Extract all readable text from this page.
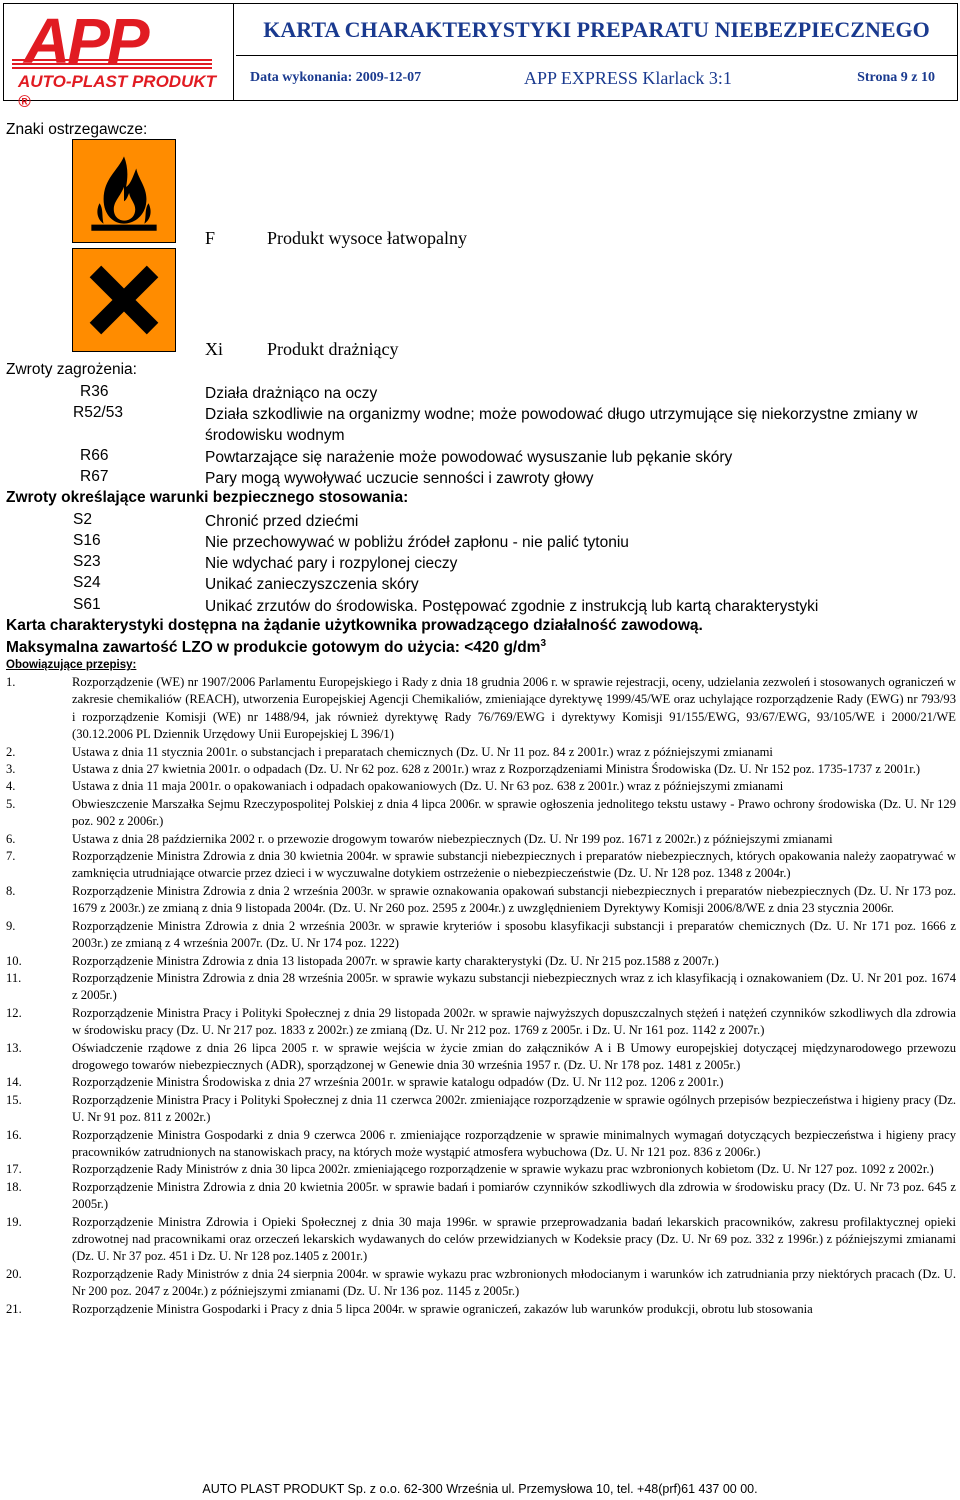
APP
AUTO-PLAST PRODUKT ®
KARTA CHARAKTERYSTYKI PREPARATU NIEBEZPIECZNEGO
Data wykonania: 2009-12-07	APP EXPRESS Klarlack 3:1	Strona 9 z 10
Znaki ostrzegawcze:
F	Produkt wysoce łatwopalny
Xi Produkt drażniący
Zwroty zagrożenia:
R36	Działa drażniąco na oczy
R52/53	Działa szkodliwie na organizmy wodne; może powodować długo utrzymujące się niekorzystne zmiany w środowisku wodnym
R66	Powtarzające się narażenie może powodować wysuszanie lub pękanie skóry
R67	Pary mogą wywoływać uczucie senności i zawroty głowy
Zwroty określające warunki bezpiecznego stosowania:
S2	Chronić przed dziećmi
S16	Nie przechowywać w pobliżu źródeł zapłonu - nie palić tytoniu
S23	Nie wdychać pary i rozpylonej cieczy
S24	Unikać zanieczyszczenia skóry
S61	Unikać zrzutów do środowiska. Postępować zgodnie z instrukcją lub kartą charakterystyki
Karta charakterystyki dostępna na żądanie użytkownika prowadzącego działalność zawodową.
Maksymalna zawartość LZO w produkcie gotowym do użycia: <420 $g/dm^3$
Obowiązujące przepisy:
1.	Rozporządzenie (WE) nr 1907/2006 Parlamentu Europejskiego i Rady z dnia 18 grudnia 2006 r. w sprawie rejestracji, oceny, udzielania zezwoleń i stosowanych ograniczeń w zakresie chemikaliów (REACH), utworzenia Europejskiej Agencji Chemikaliów, zmieniające dyrektywę 1999/45/WE oraz uchylające rozporządzenie Rady (EWG) nr 793/93 i rozporządzenie Komisji (WE) nr 1488/94, jak również dyrektywę Rady 76/769/EWG i dyrektywy Komisji 91/155/EWG, 93/67/EWG, 93/105/WE i 2000/21/WE (30.12.2006 PL Dziennik Urzędowy Unii Europejskiej L 396/1)
2.	Ustawa z dnia 11 stycznia 2001r. o substancjach i preparatach chemicznych (Dz. U. Nr 11 poz. 84 z 2001r.) wraz z późniejszymi zmianami
3.	Ustawa z dnia 27 kwietnia 2001r. o odpadach (Dz. U. Nr 62 poz. 628 z 2001r.) wraz z Rozporządzeniami Ministra Środowiska (Dz. U. Nr 152 poz. 1735-1737 z 2001r.)
4.	Ustawa z dnia 11 maja 2001r. o opakowaniach i odpadach opakowaniowych (Dz. U. Nr 63 poz. 638 z 2001r.) wraz z późniejszymi zmianami
5.	Obwieszczenie Marszałka Sejmu Rzeczypospolitej Polskiej z dnia 4 lipca 2006r. w sprawie ogłoszenia jednolitego tekstu ustawy - Prawo ochrony środowiska (Dz. U. Nr 129 poz. 902 z 2006r.)
6.	Ustawa z dnia 28 października 2002 r. o przewozie drogowym towarów niebezpiecznych (Dz. U. Nr 199 poz. 1671 z 2002r.) z późniejszymi zmianami
7.	Rozporządzenie Ministra Zdrowia z dnia 30 kwietnia 2004r. w sprawie substancji niebezpiecznych i preparatów niebezpiecznych, których opakowania należy zaopatrywać w zamknięcia utrudniające otwarcie przez dzieci i w wyczuwalne dotykiem ostrzeżenie o niebezpieczeństwie (Dz. U. Nr 128 poz. 1348 z 2004r.)
8.	Rozporządzenie Ministra Zdrowia z dnia 2 września 2003r. w sprawie oznakowania opakowań substancji niebezpiecznych i preparatów niebezpiecznych (Dz. U. Nr 173 poz. 1679 z 2003r.) ze zmianą z dnia 9 listopada 2004r. (Dz. U. Nr 260 poz. 2595 z 2004r.) z uwzględnieniem Dyrektywy Komisji 2006/8/WE z dnia 23 stycznia 2006r.
9.	Rozporządzenie Ministra Zdrowia z dnia 2 września 2003r. w sprawie kryteriów i sposobu klasyfikacji substancji i preparatów chemicznych (Dz. U. Nr 171 poz. 1666 z 2003r.) ze zmianą z 4 września 2007r. (Dz. U. Nr 174 poz. 1222)
10.	Rozporządzenie Ministra Zdrowia z dnia 13 listopada 2007r. w sprawie karty charakterystyki (Dz. U. Nr 215 poz.1588 z 2007r.)
11.	Rozporządzenie Ministra Zdrowia z dnia 28 września 2005r. w sprawie wykazu substancji niebezpiecznych wraz z ich klasyfikacją i oznakowaniem (Dz. U. Nr 201 poz. 1674 z 2005r.)
12.	Rozporządzenie Ministra Pracy i Polityki Społecznej z dnia 29 listopada 2002r. w sprawie najwyższych dopuszczalnych stężeń i natężeń czynników szkodliwych dla zdrowia w środowisku pracy (Dz. U. Nr 217 poz. 1833 z 2002r.) ze zmianą (Dz. U. Nr 212 poz. 1769 z 2005r. i Dz. U. Nr 161 poz. 1142 z 2007r.)
13.	Oświadczenie rządowe z dnia 26 lipca 2005 r. w sprawie wejścia w życie zmian do załączników A i B Umowy europejskiej dotyczącej międzynarodowego przewozu drogowego towarów niebezpiecznych (ADR), sporządzonej w Genewie dnia 30 września 1957 r. (Dz. U. Nr 178 poz. 1481 z 2005r.)
14.	Rozporządzenie Ministra Środowiska z dnia 27 września 2001r. w sprawie katalogu odpadów (Dz. U. Nr 112 poz. 1206 z 2001r.)
15.	Rozporządzenie Ministra Pracy i Polityki Społecznej z dnia 11 czerwca 2002r. zmieniające rozporządzenie w sprawie ogólnych przepisów bezpieczeństwa i higieny pracy (Dz. U. Nr 91 poz. 811 z 2002r.)
16.	Rozporządzenie Ministra Gospodarki z dnia 9 czerwca 2006 r. zmieniające rozporządzenie w sprawie minimalnych wymagań dotyczących bezpieczeństwa i higieny pracy pracowników zatrudnionych na stanowiskach pracy, na których może wystąpić atmosfera wybuchowa (Dz. U. Nr 121 poz. 836 z 2006r.)
17.	Rozporządzenie Rady Ministrów z dnia 30 lipca 2002r. zmieniającego rozporządzenie w sprawie wykazu prac wzbronionych kobietom (Dz. U. Nr 127 poz. 1092 z 2002r.)
18.	Rozporządzenie Ministra Zdrowia z dnia 20 kwietnia 2005r. w sprawie badań i pomiarów czynników szkodliwych dla zdrowia w środowisku pracy (Dz. U. Nr 73 poz. 645 z 2005r.)
19.	Rozporządzenie Ministra Zdrowia i Opieki Społecznej z dnia 30 maja 1996r. w sprawie przeprowadzania badań lekarskich pracowników, zakresu profilaktycznej opieki zdrowotnej nad pracownikami oraz orzeczeń lekarskich wydawanych do celów przewidzianych w Kodeksie pracy (Dz. U. Nr 69 poz. 332 z 1996r.) z późniejszymi zmianami (Dz. U. Nr 37 poz. 451 i Dz. U. Nr 128 poz.1405 z 2001r.)
20.	Rozporządzenie Rady Ministrów z dnia 24 sierpnia 2004r. w sprawie wykazu prac wzbronionych młodocianym i warunków ich zatrudniania przy niektórych pracach (Dz. U. Nr 200 poz. 2047 z 2004r.) z późniejszymi zmianami (Dz. U. Nr 136 poz. 1145 z 2005r.)
21.	Rozporządzenie Ministra Gospodarki i Pracy z dnia 5 lipca 2004r. w sprawie ograniczeń, zakazów lub warunków produkcji, obrotu lub stosowania
AUTO PLAST PRODUKT Sp. z o.o. 62-300 Września ul. Przemysłowa 10, tel. +48(prf)61 437 00 00.
